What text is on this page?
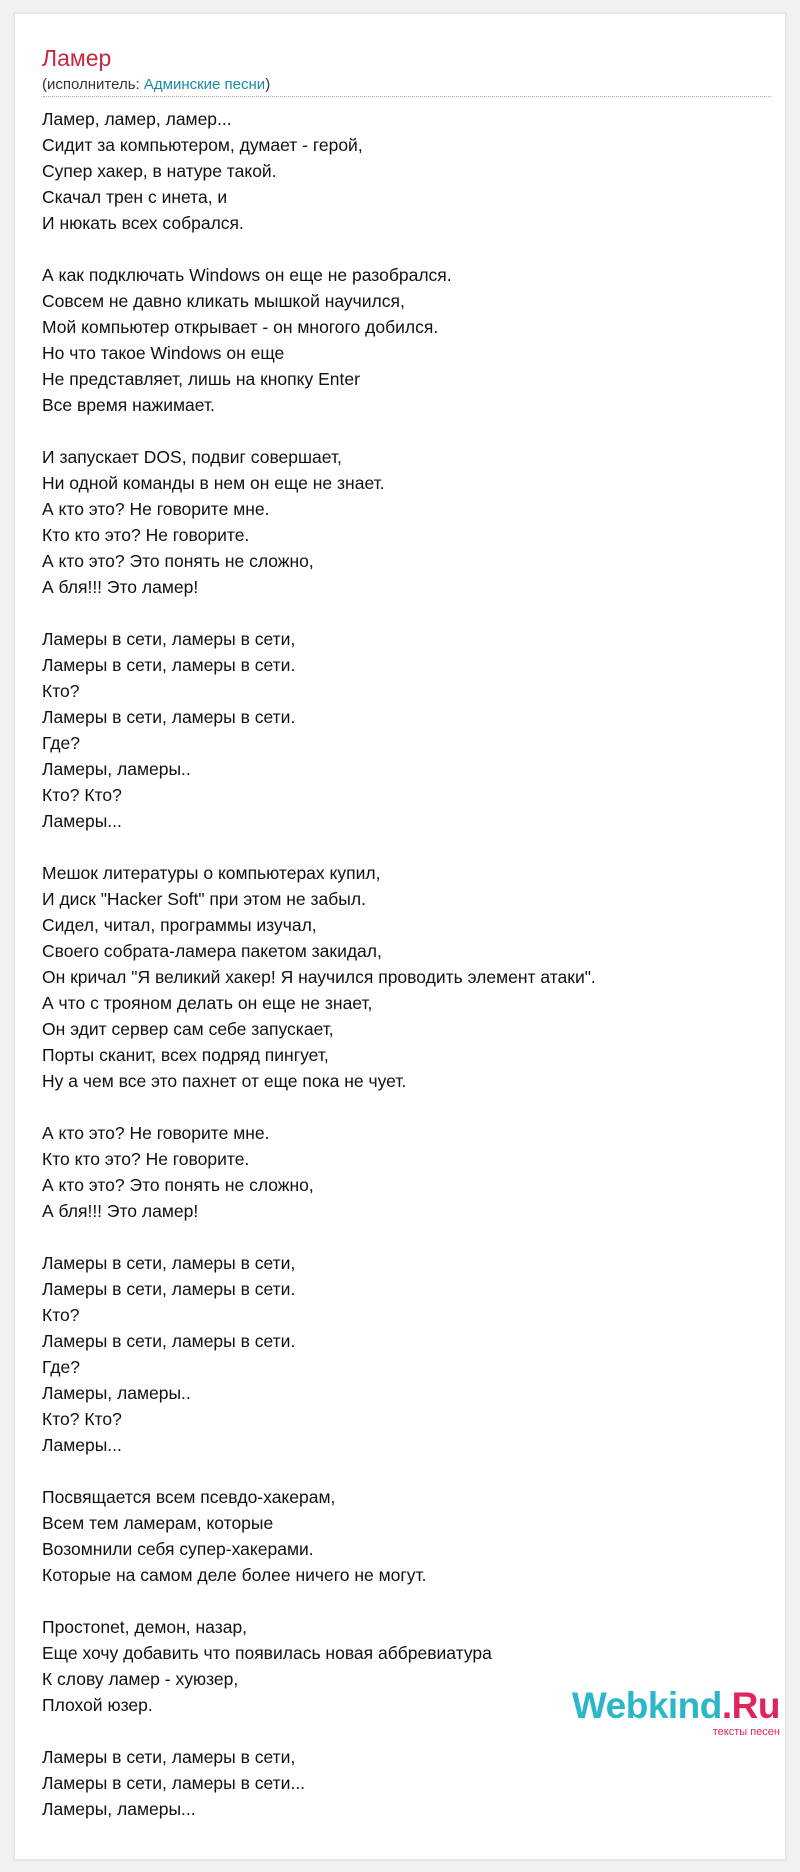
Ламер
(исполнитель: Админские песни)
Ламер, ламер, ламер...
Сидит за компьютером, думает - герой,
Супер хакер, в натуре такой.
Скачал трен с инета, и
И нюкать всех собрался.
А как подключать Windows он еще не разобрался.
Совсем не давно кликать мышкой научился,
Мой компьютер открывает - он многого добился.
Но что такое Windows он еще
Не представляет, лишь на кнопку Enter
Все время нажимает.
И запускает DOS, подвиг совершает,
Ни одной команды в нем он еще не знает.
А кто это? Не говорите мне.
Кто кто это? Не говорите.
А кто это? Это понять не сложно,
А бля!!! Это ламер!
Ламеры в сети, ламеры в сети,
Ламеры в сети, ламеры в сети.
Кто?
Ламеры в сети, ламеры в сети.
Где?
Ламеры, ламеры..
Кто? Кто?
Ламеры...
Мешок литературы о компьютерах купил,
И диск "Hacker Soft" при этом не забыл.
Сидел, читал, программы изучал,
Своего собрата-ламера пакетом закидал,
Он кричал "Я великий хакер! Я научился проводить элемент атаки".
А что с трояном делать он еще не знает,
Он эдит сервер сам себе запускает,
Порты сканит, всех подряд пингует,
Ну а чем все это пахнет от еще пока не чует.
А кто это? Не говорите мне.
Кто кто это? Не говорите.
А кто это? Это понять не сложно,
А бля!!! Это ламер!
Ламеры в сети, ламеры в сети,
Ламеры в сети, ламеры в сети.
Кто?
Ламеры в сети, ламеры в сети.
Где?
Ламеры, ламеры..
Кто? Кто?
Ламеры...
Посвящается всем псевдо-хакерам,
Всем тем ламерам, которые
Возомнили себя супер-хакерами.
Которые на самом деле более ничего не могут.
Простоnet, демон, назар,
Еще хочу добавить что появилась новая аббревиатура
К слову ламер - хуюзер,
Плохой юзер.
Ламеры в сети, ламеры в сети,
Ламеры в сети, ламеры в сети...
Ламеры, ламеры...
Webkind.Ru
тексты песен
